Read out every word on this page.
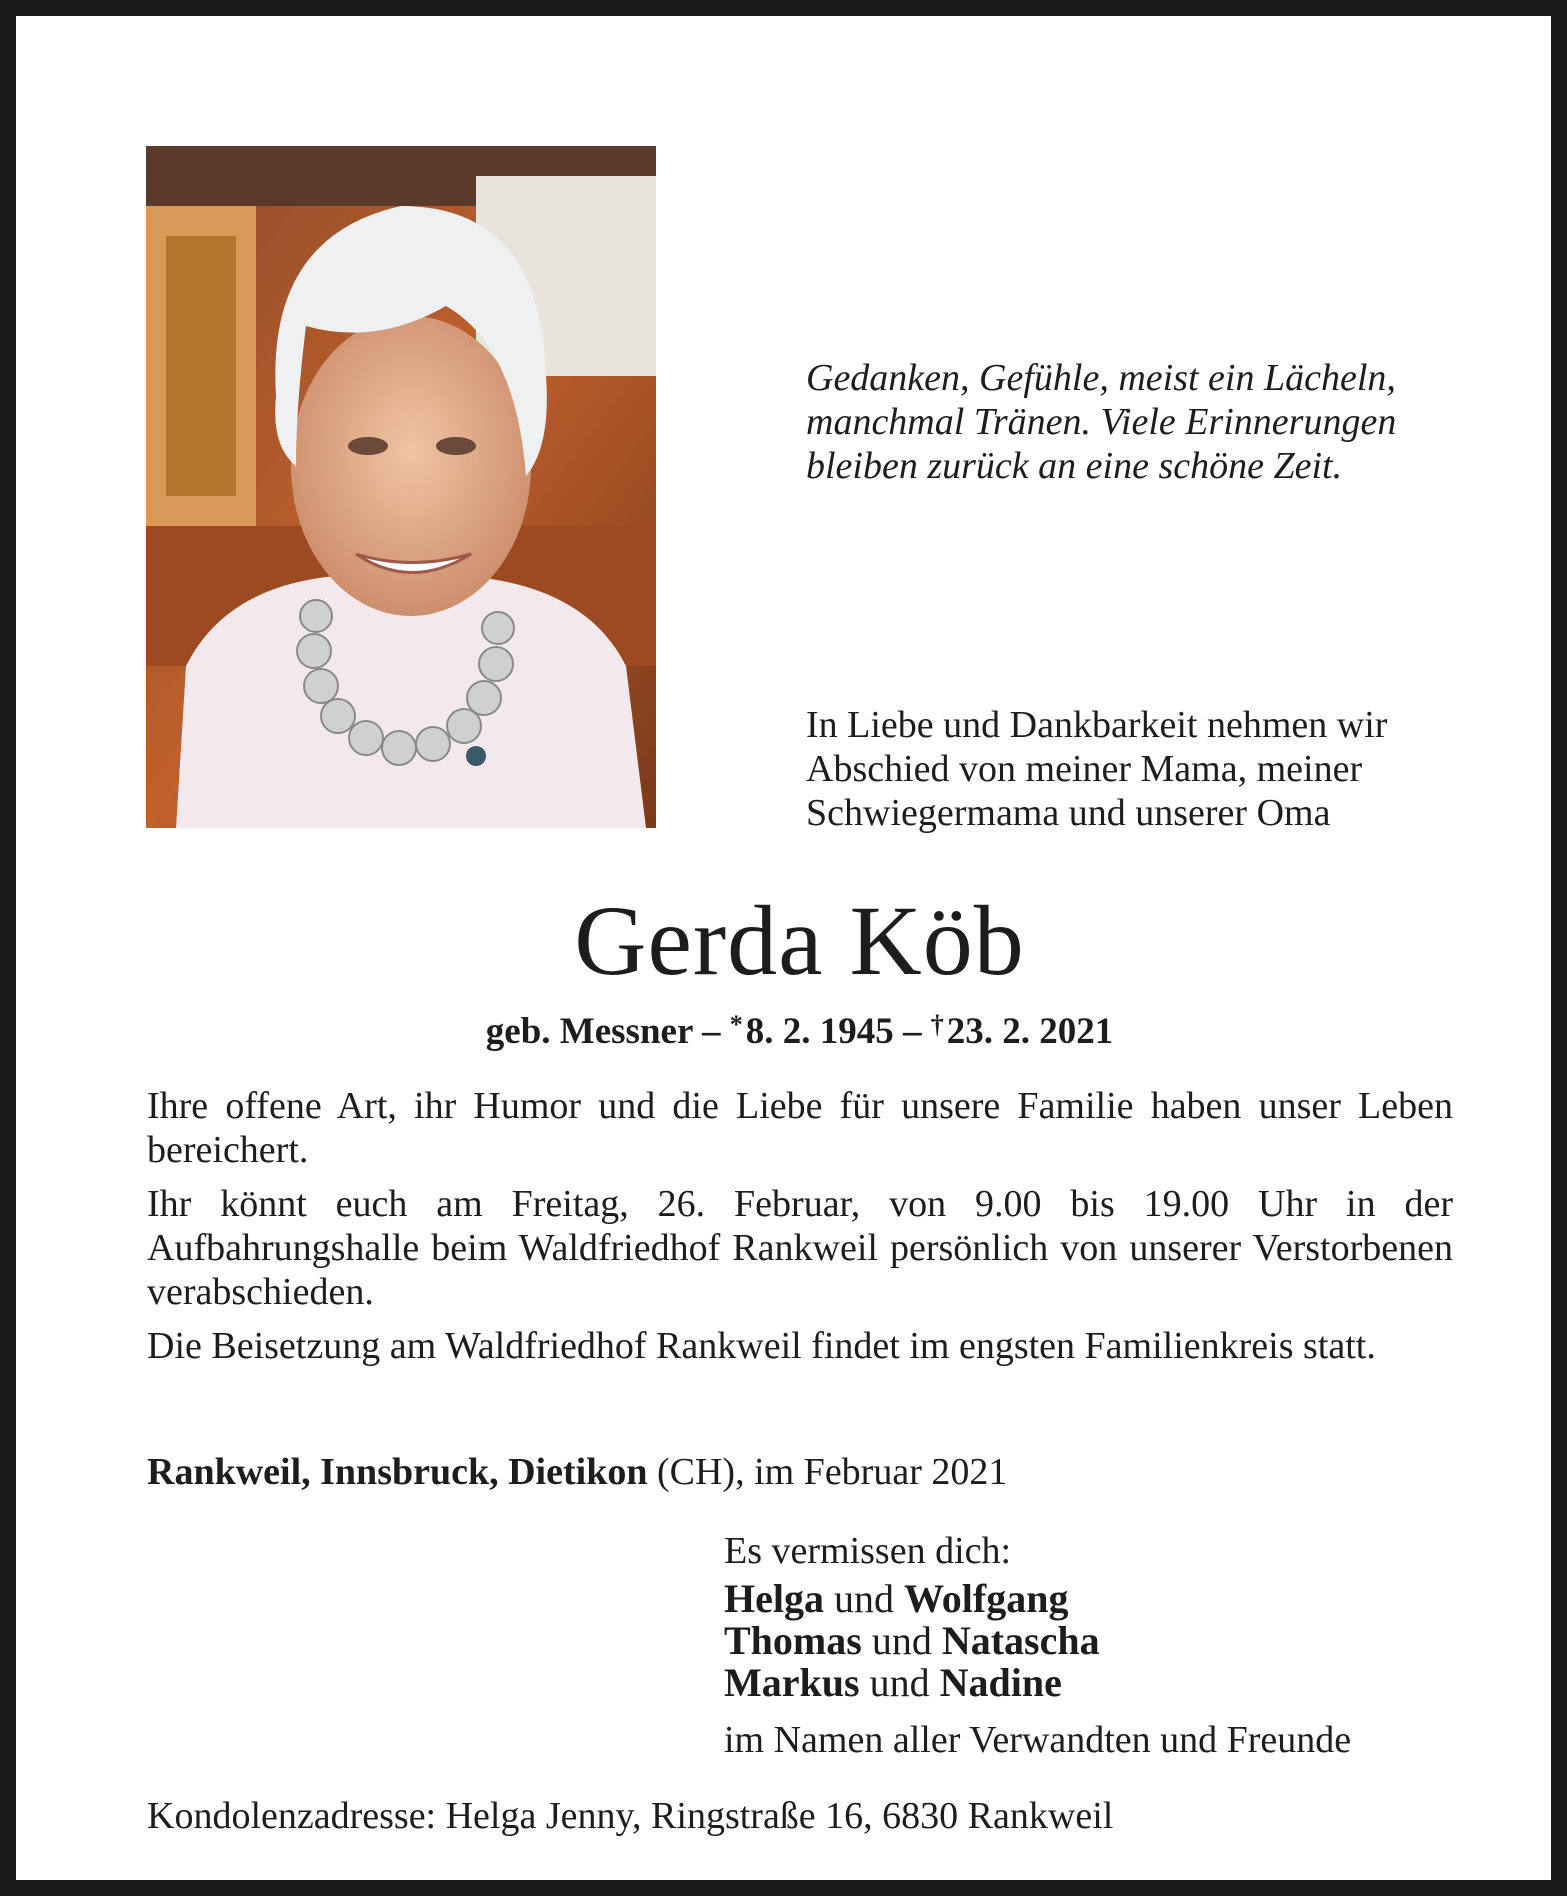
Gedanken, Gefühle, meist ein Lächeln,
manchmal Tränen. Viele Erinnerungen
bleiben zurück an eine schöne Zeit.
In Liebe und Dankbarkeit nehmen wir
Abschied von meiner Mama, meiner
Schwiegermama und unserer Oma
Gerda Köb
geb. Messner – *8. 2. 1945 – †23. 2. 2021

Ihre offene Art, ihr Humor und die Liebe für unsere Familie haben unser Leben bereichert.

Ihr könnt euch am Freitag, 26. Februar, von 9.00 bis 19.00 Uhr in der Aufbahrungshalle beim Waldfriedhof Rankweil persönlich von unserer Verstorbenen verabschieden.

Die Beisetzung am Waldfriedhof Rankweil findet im engsten Familienkreis statt.

Rankweil, Innsbruck, Dietikon (CH), im Februar 2021
Es vermissen dich:
Helga und Wolfgang
Thomas und Natascha
Markus und Nadine
im Namen aller Verwandten und Freunde
Kondolenzadresse: Helga Jenny, Ringstraße 16, 6830 Rankweil
